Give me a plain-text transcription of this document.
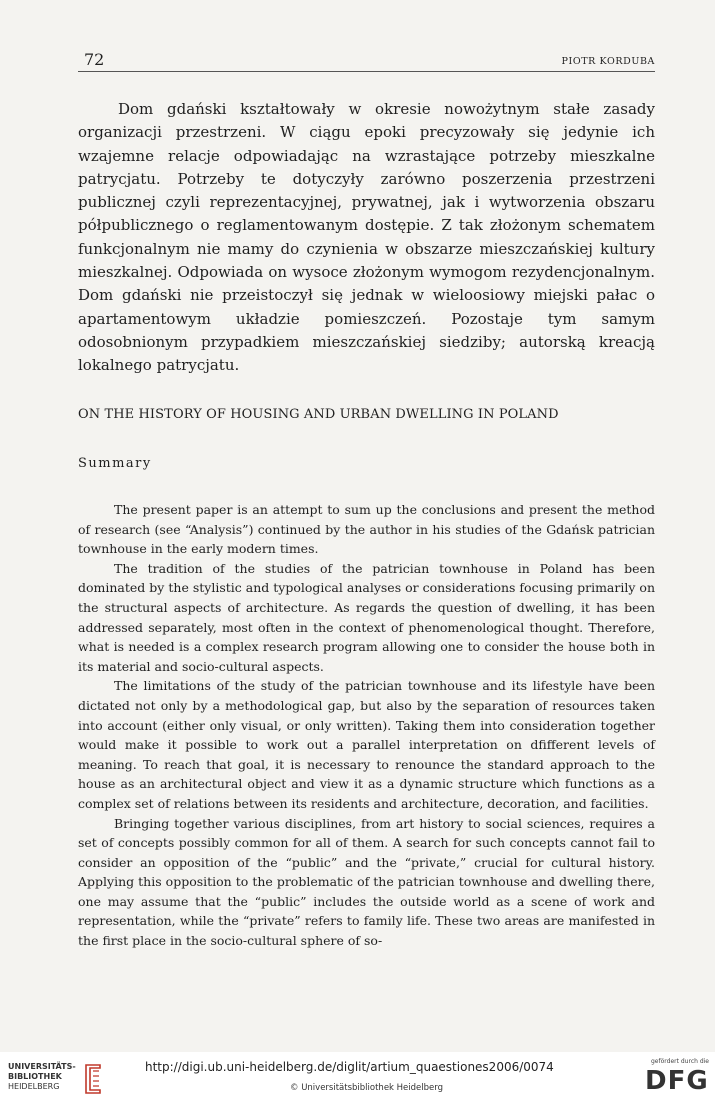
72	PIOTR KORDUBA

Dom gdański kształtowały w okresie nowożytnym stałe zasady organizacji przestrzeni. W ciągu epoki precyzowały się jedynie ich wzajemne relacje odpowiadając na wzrastające potrzeby mieszkalne patrycjatu. Potrzeby te dotyczyły zarówno poszerzenia przestrzeni publicznej czyli reprezentacyjnej, prywatnej, jak i wytworzenia obszaru półpublicznego o reglamentowanym dostępie. Z tak złożonym schematem funkcjonalnym nie mamy do czynienia w obszarze mieszczańskiej kultury mieszkalnej. Odpowiada on wysoce złożonym wymogom rezydencjonalnym. Dom gdański nie przeistoczył się jednak w wieloosiowy miejski pałac o apartamentowym układzie pomieszczeń. Pozostaje tym samym odosobnionym przypadkiem mieszczańskiej siedziby; autorską kreacją lokalnego patrycjatu.

ON THE HISTORY OF HOUSING AND URBAN DWELLING IN POLAND
Summary

The present paper is an attempt to sum up the conclusions and present the method of research (see “Analysis”) continued by the author in his studies of the Gdańsk patrician townhouse in the early modern times.

The tradition of the studies of the patrician townhouse in Poland has been dominated by the stylistic and typological analyses or considerations focusing primarily on the structural aspects of architecture. As regards the question of dwelling, it has been addressed separately, most often in the context of phenomenological thought. Therefore, what is needed is a complex research program allowing one to consider the house both in its material and socio-cultural aspects.

The limitations of the study of the patrician townhouse and its lifestyle have been dictated not only by a methodological gap, but also by the separation of resources taken into account (either only visual, or only written). Taking them into consideration together would make it possible to work out a parallel interpretation on dfifferent levels of meaning. To reach that goal, it is necessary to renounce the standard approach to the house as an architectural object and view it as a dynamic structure which functions as a complex set of relations between its residents and architecture, decoration, and facilities.

Bringing together various disciplines, from art history to social sciences, requires a set of concepts possibly common for all of them. A search for such concepts cannot fail to consider an opposition of the “public” and the “private,” crucial for cultural history. Applying this opposition to the problematic of the patrician townhouse and dwelling there, one may assume that the “public” includes the outside world as a scene of work and representation, while the “private” refers to family life. These two areas are manifested in the first place in the socio-cultural sphere of so-

UNIVERSITÄTS-
BIBLIOTHEK
HEIDELBERG
http://digi.ub.uni-heidelberg.de/diglit/artium_quaestiones2006/0074
© Universitätsbibliothek Heidelberg
gefördert durch die
DFG
